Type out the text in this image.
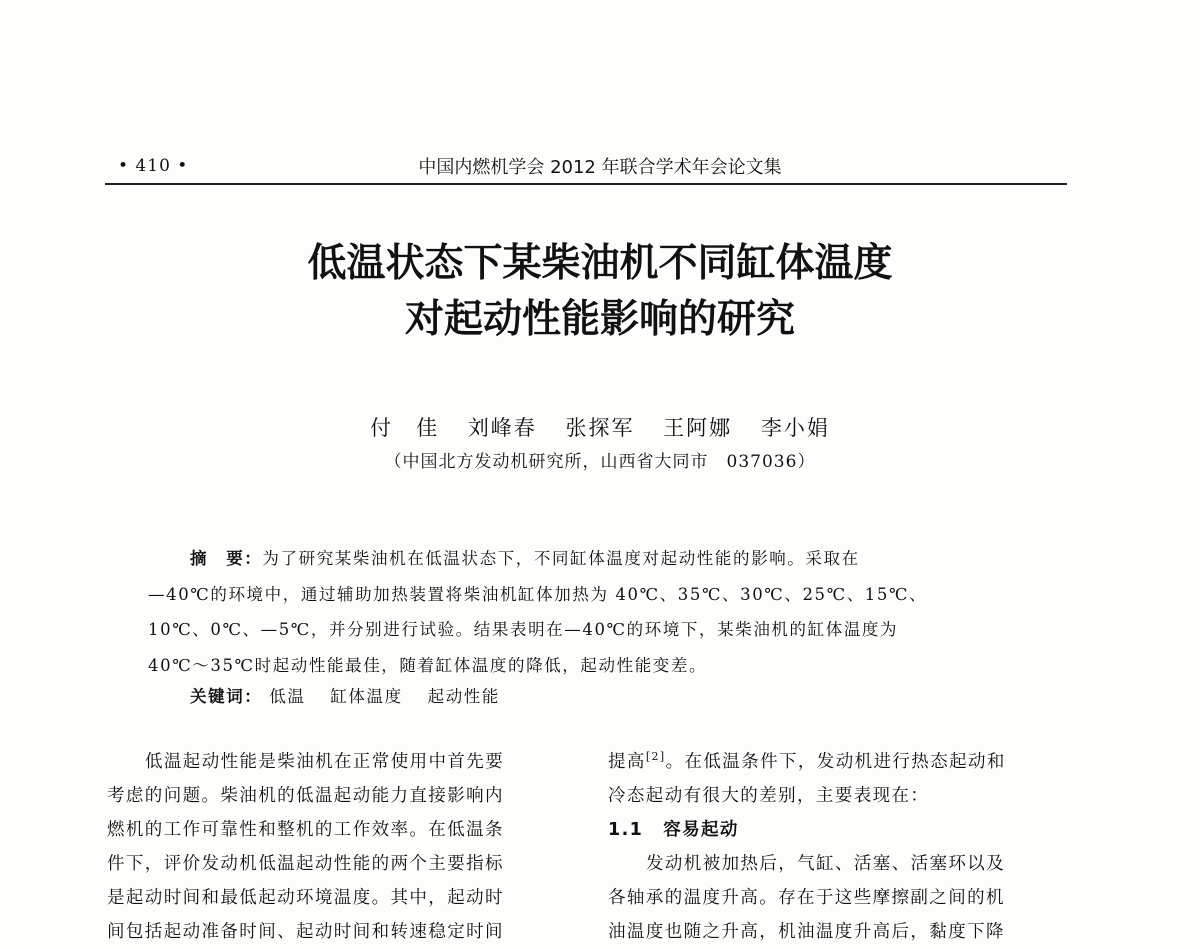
• 410 •	中国内燃机学会 2012 年联合学术年会论文集
低温状态下某柴油机不同缸体温度
对起动性能影响的研究
付　佳 刘峰春 张探军 王阿娜 李小娟
（中国北方发动机研究所，山西省大同市　037036）

摘　要：为了研究某柴油机在低温状态下，不同缸体温度对起动性能的影响。采取在

—40℃的环境中，通过辅助加热装置将柴油机缸体加热为 40℃、35℃、30℃、25℃、15℃、

10℃、0℃、—5℃，并分别进行试验。结果表明在—40℃的环境下，某柴油机的缸体温度为

40℃～35℃时起动性能最佳，随着缸体温度的降低，起动性能变差。

关键词： 低温 缸体温度 起动性能

低温起动性能是柴油机在正常使用中首先要

考虑的问题。柴油机的低温起动能力直接影响内
燃机的工作可靠性和整机的工作效率。在低温条
件下，评价发动机低温起动性能的两个主要指标
是起动时间和最低起动环境温度。其中，起动时
间包括起动准备时间、起动时间和转速稳定时间
提高[2]。在低温条件下，发动机进行热态起动和
冷态起动有很大的差别，主要表现在：
1.1 容易起动

发动机被加热后，气缸、活塞、活塞环以及

各轴承的温度升高。存在于这些摩擦副之间的机
油温度也随之升高，机油温度升高后，黏度下降
